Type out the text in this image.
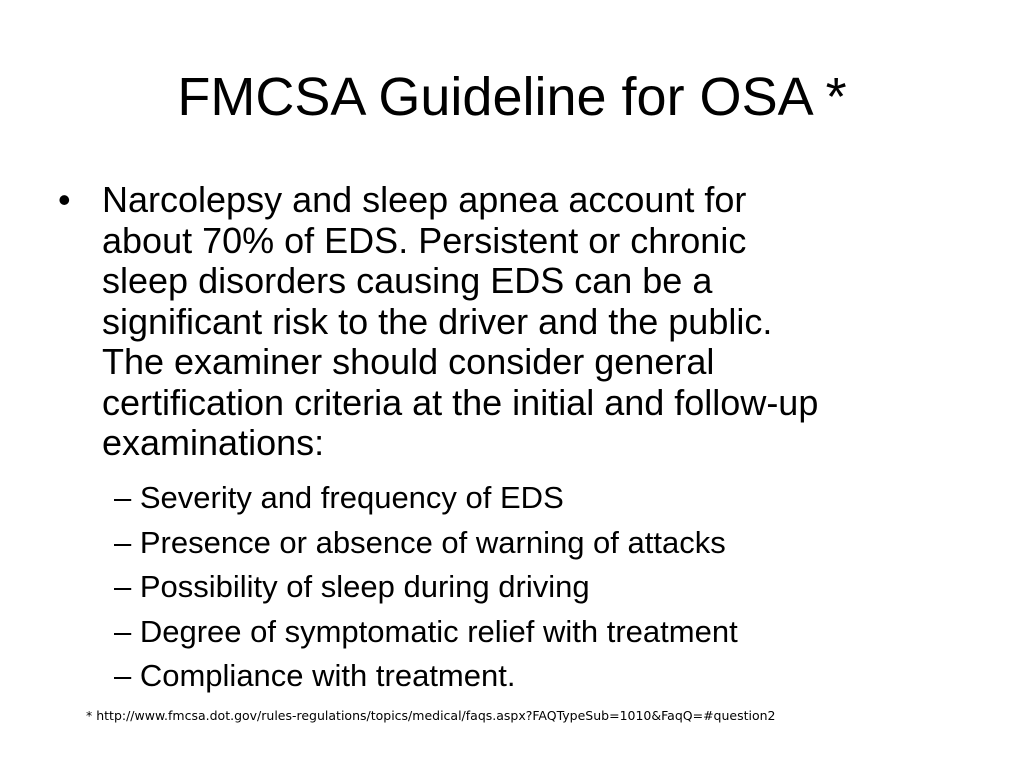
FMCSA Guideline for OSA *
• Narcolepsy and sleep apnea account for
about 70% of EDS. Persistent or chronic
sleep disorders causing EDS can be a
significant risk to the driver and the public.
The examiner should consider general
certification criteria at the initial and follow-up
examinations:
– Severity and frequency of EDS
– Presence or absence of warning of attacks
– Possibility of sleep during driving
– Degree of symptomatic relief with treatment
– Compliance with treatment.
* http://www.fmcsa.dot.gov/rules-regulations/topics/medical/faqs.aspx?FAQTypeSub=1010&FaqQ=#question2
